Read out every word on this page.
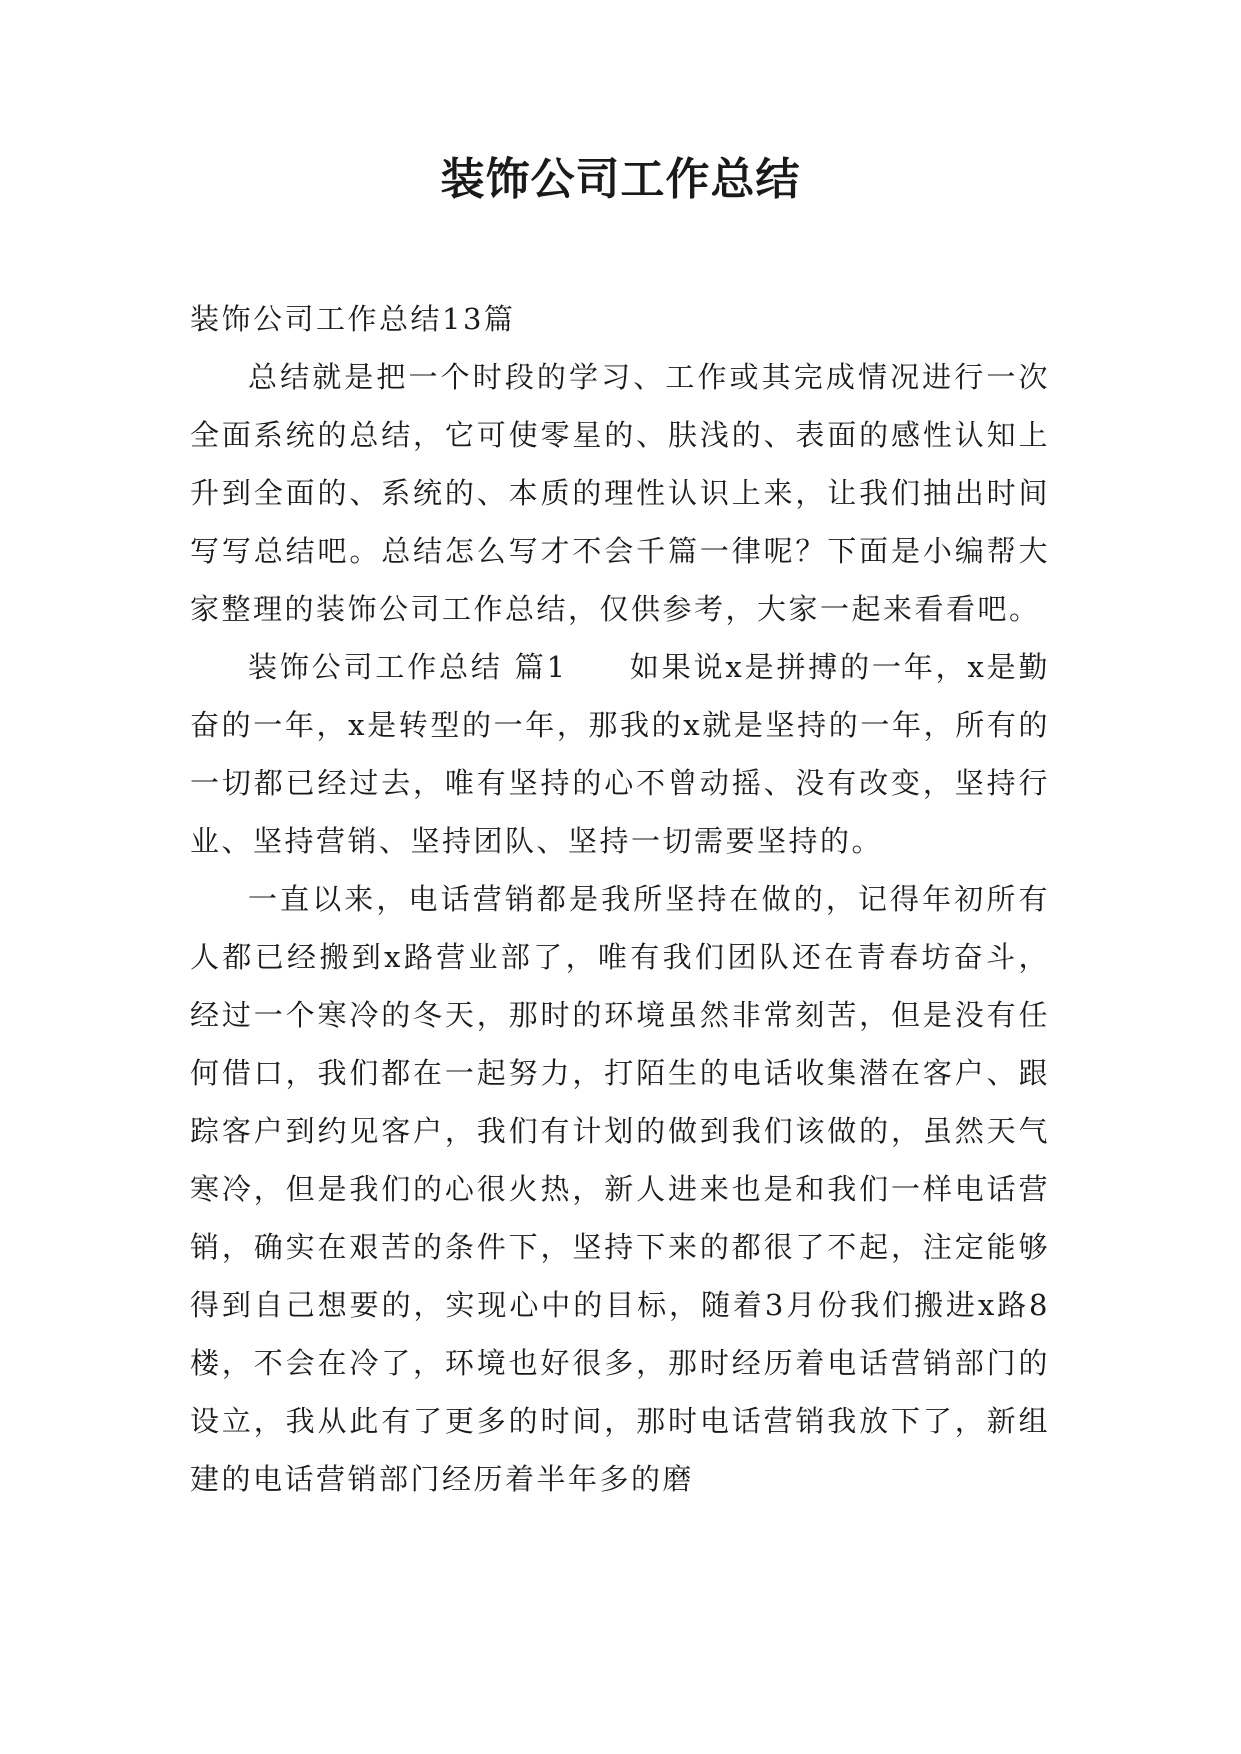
装饰公司工作总结

装饰公司工作总结13篇

总结就是把一个时段的学习、工作或其完成情况进行一次全面系统的总结，它可使零星的、肤浅的、表面的感性认知上升到全面的、系统的、本质的理性认识上来，让我们抽出时间写写总结吧。总结怎么写才不会千篇一律呢？下面是小编帮大家整理的装饰公司工作总结，仅供参考，大家一起来看看吧。

装饰公司工作总结 篇1 如果说x是拼搏的一年，x是勤奋的一年，x是转型的一年，那我的x就是坚持的一年，所有的一切都已经过去，唯有坚持的心不曾动摇、没有改变，坚持行业、坚持营销、坚持团队、坚持一切需要坚持的。

一直以来，电话营销都是我所坚持在做的，记得年初所有人都已经搬到x路营业部了，唯有我们团队还在青春坊奋斗，经过一个寒冷的冬天，那时的环境虽然非常刻苦，但是没有任何借口，我们都在一起努力，打陌生的电话收集潜在客户、跟踪客户到约见客户，我们有计划的做到我们该做的，虽然天气寒冷，但是我们的心很火热，新人进来也是和我们一样电话营销，确实在艰苦的条件下，坚持下来的都很了不起，注定能够得到自己想要的，实现心中的目标，随着3月份我们搬进x路8楼，不会在冷了，环境也好很多，那时经历着电话营销部门的设立，我从此有了更多的时间，那时电话营销我放下了，新组建的电话营销部门经历着半年多的磨
